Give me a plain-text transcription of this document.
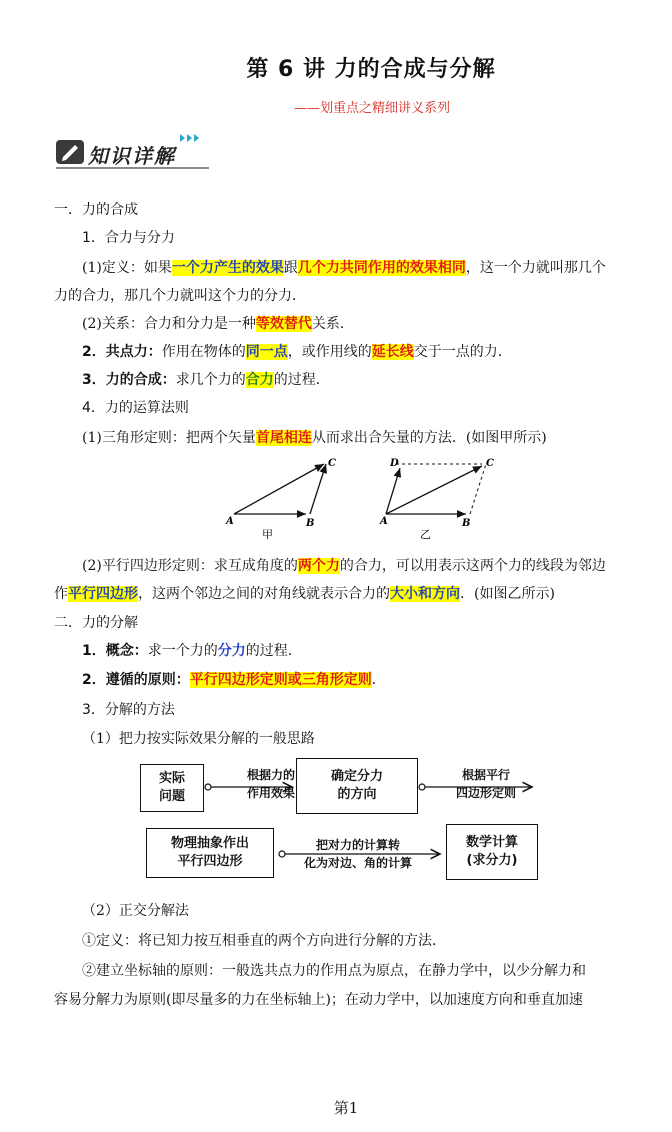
第 6 讲 力的合成与分解
——划重点之精细讲义系列
知识详解
一．力的合成
1．合力与分力
(1)定义：如果一个力产生的效果跟几个力共同作用的效果相同，这一个力就叫那几个
力的合力，那几个力就叫这个力的分力．
(2)关系：合力和分力是一种等效替代关系．
2．共点力：作用在物体的同一点，或作用线的延长线交于一点的力．
3．力的合成：求几个力的合力的过程．
4．力的运算法则
(1)三角形定则：把两个矢量首尾相连从而求出合矢量的方法．(如图甲所示)
A	B
C
甲
A	B
D	C
乙
(2)平行四边形定则：求互成角度的两个力的合力，可以用表示这两个力的线段为邻边
作平行四边形，这两个邻边之间的对角线就表示合力的大小和方向．(如图乙所示)
二．力的分解
1．概念：求一个力的分力的过程．
2．遵循的原则：平行四边形定则或三角形定则．
3．分解的方法
（1）把力按实际效果分解的一般思路
实际
问题
根据力的
作用效果
确定分力
的方向
根据平行
四边形定则
物理抽象作出
平行四边形
把对力的计算转
化为对边、角的计算
数学计算
(求分力)
（2）正交分解法
①定义：将已知力按互相垂直的两个方向进行分解的方法．
②建立坐标轴的原则：一般选共点力的作用点为原点，在静力学中，以少分解力和
容易分解力为原则(即尽量多的力在坐标轴上)；在动力学中，以加速度方向和垂直加速
第1
